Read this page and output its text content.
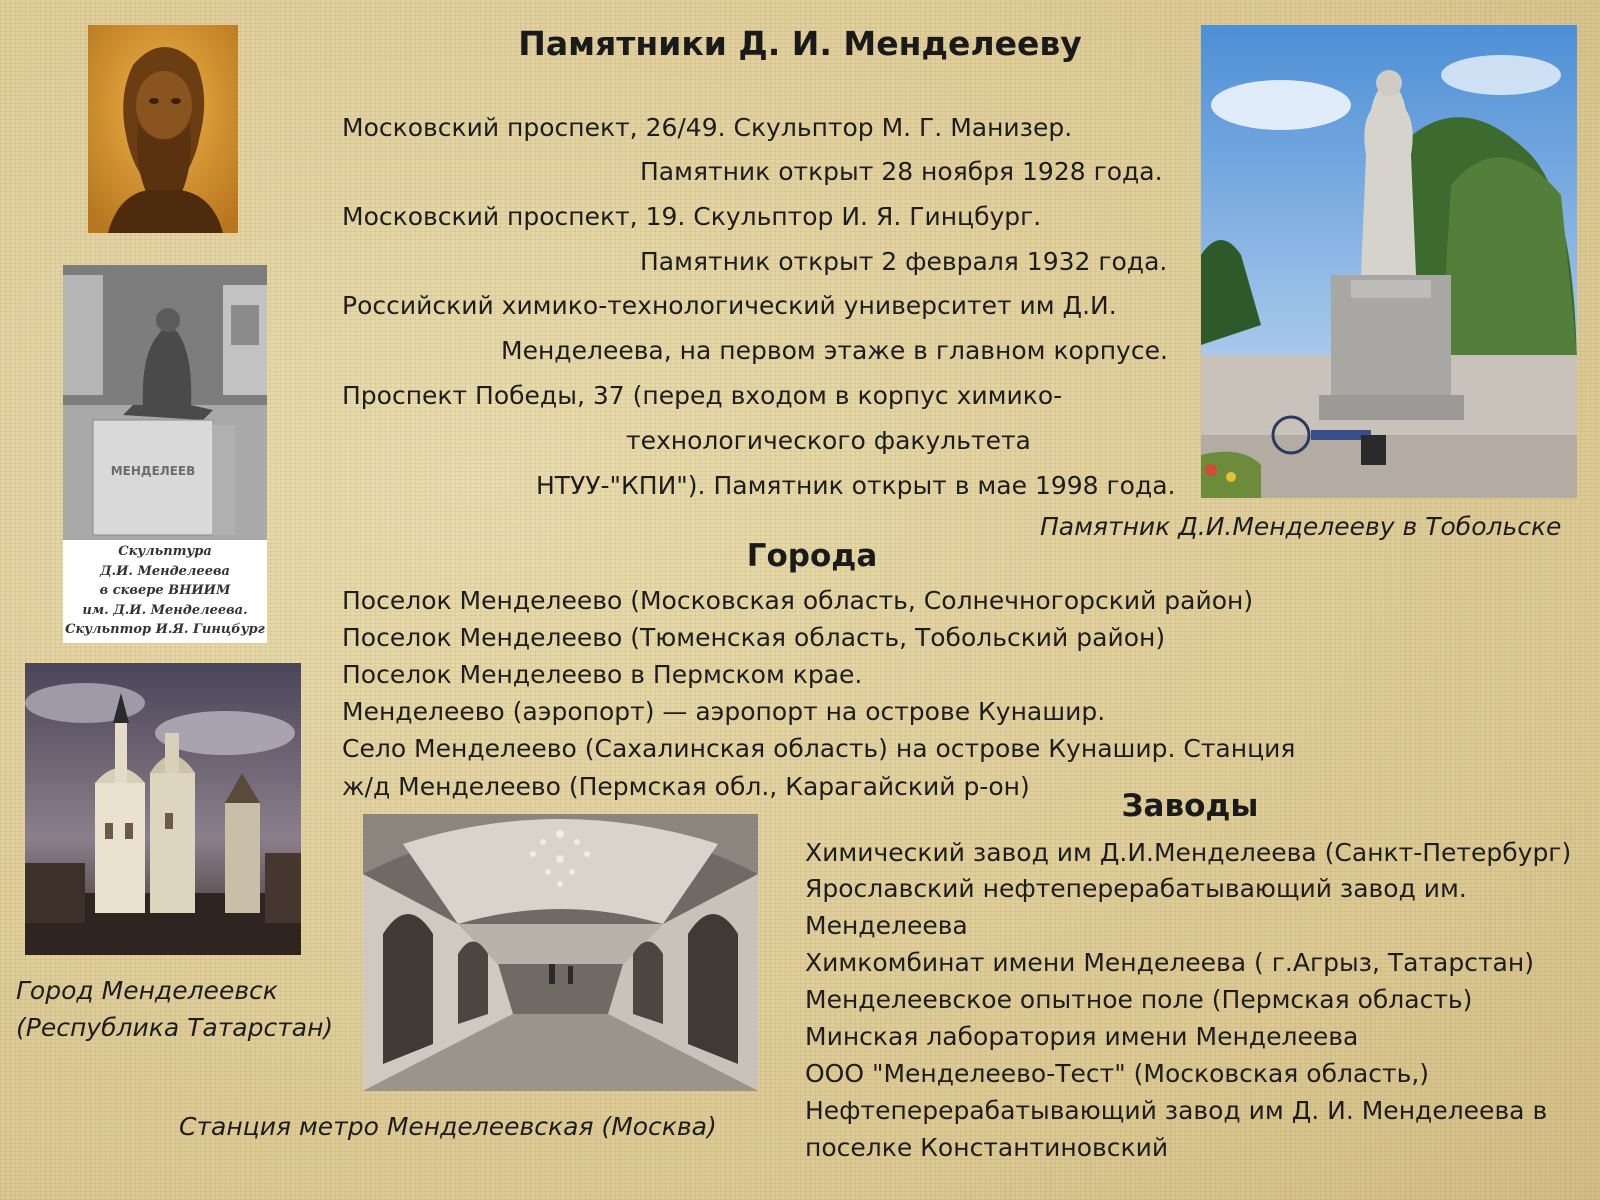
Памятники Д. И. Менделееву
Московский проспект, 26/49. Скульптор М. Г. Манизер.
Памятник открыт 28 ноября 1928 года.
Московский проспект, 19. Скульптор И. Я. Гинцбург.
Памятник открыт 2 февраля 1932 года.
Российский химико-технологический университет им Д.И.
Менделеева, на первом этаже в главном корпусе.
Проспект Победы, 37 (перед входом в корпус химико-
технологического факультета
НТУУ-"КПИ"). Памятник открыт в мае 1998 года.
МЕНДЕЛЕЕВ
Скульптура
Д.И. Менделеева
в сквере ВНИИМ
им. Д.И. Менделеева.
Скульптор И.Я. Гинцбург
Памятник Д.И.Менделееву в Тобольске
Города
Поселок Менделеево (Московская область, Солнечногорский район)
Поселок Менделеево (Тюменская область, Тобольский район)
Поселок Менделеево в Пермском крае.
Менделеево (аэропорт) — аэропорт на острове Кунашир.
Село Менделеево (Сахалинская область) на острове Кунашир. Станция
ж/д Менделеево (Пермская обл., Карагайский р-он)
Город Менделеевск
(Республика Татарстан)
Станция метро Менделеевская (Москва)
Заводы
Химический завод им Д.И.Менделеева (Санкт-Петербург)
Ярославский нефтеперерабатывающий завод им.
Менделеева
Химкомбинат имени Менделеева ( г.Агрыз, Татарстан)
Менделеевское опытное поле (Пермская область)
Минская лаборатория имени Менделеева
ООО "Менделеево-Тест" (Московская область,)
Нефтеперерабатывающий завод им Д. И. Менделеева в
поселке Константиновский
